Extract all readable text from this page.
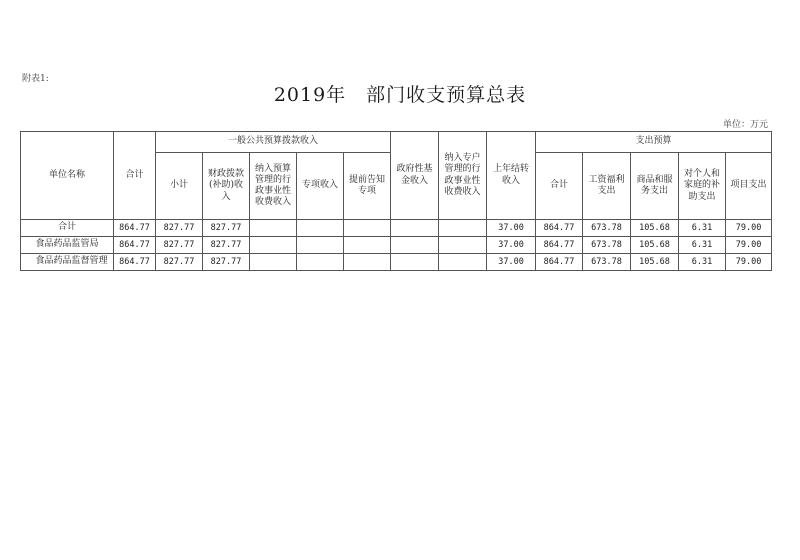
附表1:
2019年 部门收支预算总表
单位：万元
单位名称	合计	一般公共预算拨款收入					政府性基金收入	纳入专户管理的行政事业性收费收入	上年结转收入	支出预算				
		小计	财政拨款(补助)收入	纳入预算管理的行政事业性收费收入	专项收入	提前告知专项				合计	工资福利支出	商品和服务支出	对个人和家庭的补助支出	项目支出
合计	864.77	827.77	827.77						37.00	864.77	673.78	105.68	6.31	79.00
食品药品监管局	864.77	827.77	827.77						37.00	864.77	673.78	105.68	6.31	79.00
食品药品监督管理	864.77	827.77	827.77						37.00	864.77	673.78	105.68	6.31	79.00
